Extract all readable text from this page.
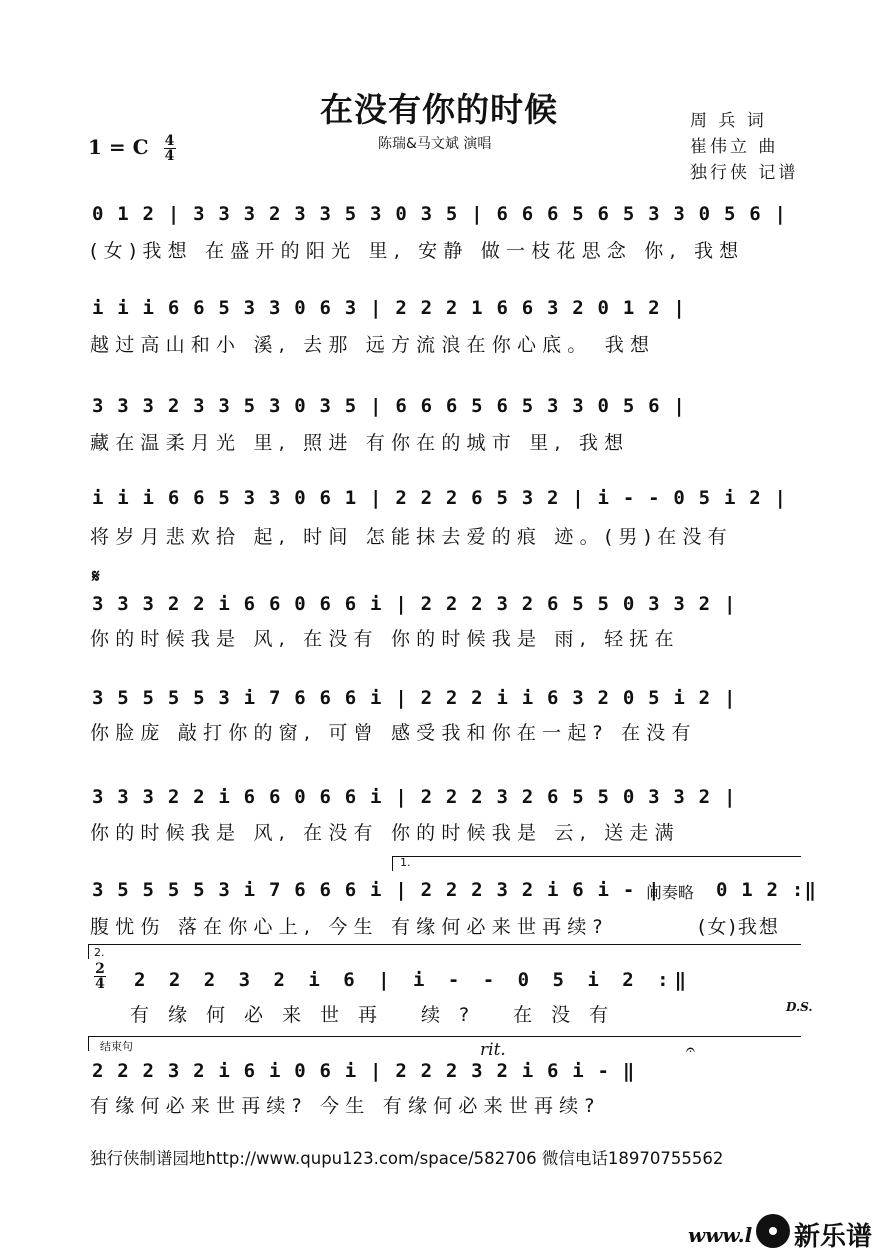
在没有你的时候
陈瑞&马文斌 演唱
周 兵 词
崔伟立 曲
独行侠 记谱
1 = C $\frac{4}{4}$
0 1 2 | 3 3 3 2 3 3 5 3 0 3 5 | 6 6 6 5 6 5 3 3 0 5 6 |
(女)我想 在盛开的阳光 里, 安静 做一枝花思念 你, 我想
i i i 6 6 5 3 3 0 6 3 | 2 2 2 1 6 6 3 2 0 1 2 |
越过高山和小 溪, 去那 远方流浪在你心底。 我想
3 3 3 2 3 3 5 3 0 3 5 | 6 6 6 5 6 5 3 3 0 5 6 |
藏在温柔月光 里, 照进 有你在的城市 里, 我想
i i i 6 6 5 3 3 0 6 1 | 2 2 2 6 5 3 2 | i - - 0 5 i 2 |
将岁月悲欢拾 起, 时间 怎能抹去爱的痕 迹。(男)在没有
𝄋
3 3 3 2 2 i 6 6 0 6 6 i | 2 2 2 3 2 6 5 5 0 3 3 2 |
你的时候我是 风, 在没有 你的时候我是 雨, 轻抚在
3 5 5 5 5 3 i 7 6 6 6 i | 2 2 2 i i 6 3 2 0 5 i 2 |
你脸庞 敲打你的窗, 可曾 感受我和你在一起? 在没有
3 3 3 2 2 i 6 6 0 6 6 i | 2 2 2 3 2 6 5 5 0 3 3 2 |
你的时候我是 风, 在没有 你的时候我是 云, 送走满
1.
3 5 5 5 5 3 i 7 6 6 6 i | 2 2 2 3 2 i 6 i - |
间奏略 0 1 2 :‖
腹忧伤 落在你心上, 今生 有缘何必来世再续?	(女)我想
2.
$\frac{2}{4} 2$ 2 2 3 2 i 6 | i - - 0 5 i 2 :‖
有缘何必来世再 续? 在没有	D.S.
结束句	rit.	𝄐
2 2 2 3 2 i 6 i 0 6 i | 2 2 2 3 2 i 6 i - ‖
有缘何必来世再续? 今生 有缘何必来世再续?
独行侠制谱园地http://www.qupu123.com/space/582706 微信电话18970755562
www.l 新乐谱
